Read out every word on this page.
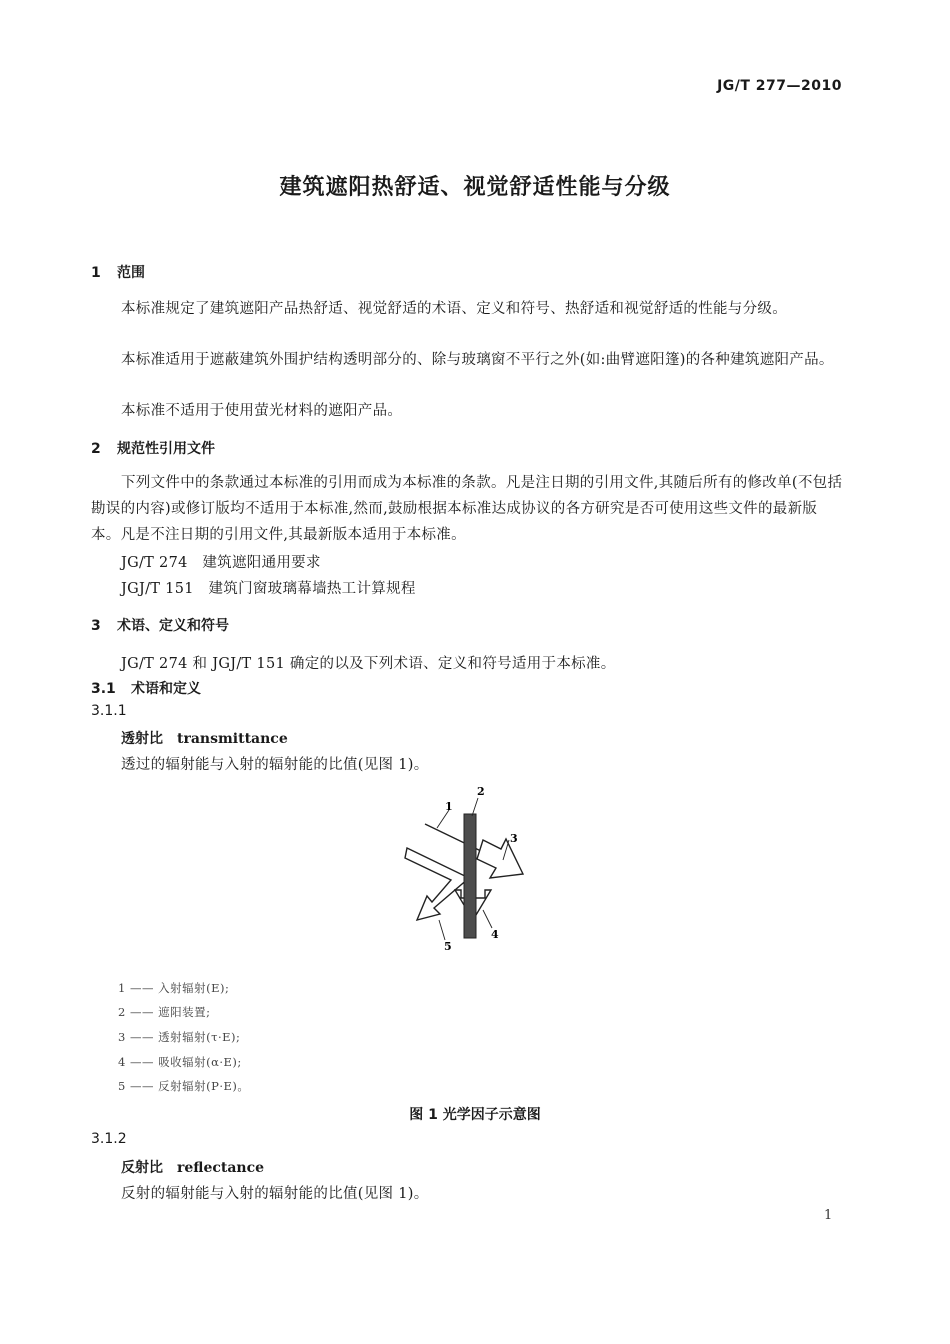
JG/T 277—2010
建筑遮阳热舒适、视觉舒适性能与分级
1 范围

本标准规定了建筑遮阳产品热舒适、视觉舒适的术语、定义和符号、热舒适和视觉舒适的性能与分级。

本标准适用于遮蔽建筑外围护结构透明部分的、除与玻璃窗不平行之外(如:曲臂遮阳篷)的各种建筑遮阳产品。

本标准不适用于使用萤光材料的遮阳产品。

2 规范性引用文件

下列文件中的条款通过本标准的引用而成为本标准的条款。凡是注日期的引用文件,其随后所有的修改单(不包括勘误的内容)或修订版均不适用于本标准,然而,鼓励根据本标准达成协议的各方研究是否可使用这些文件的最新版本。凡是不注日期的引用文件,其最新版本适用于本标准。

JG/T 274   建筑遮阳通用要求
JGJ/T 151   建筑门窗玻璃幕墙热工计算规程
3 术语、定义和符号
JG/T 274 和 JGJ/T 151 确定的以及下列术语、定义和符号适用于本标准。
3.1 术语和定义
3.1.1
透射比 transmittance
透过的辐射能与入射的辐射能的比值(见图 1)。
1
2
3
4
5
1 —— 入射辐射(E);
2 —— 遮阳装置;
3 —— 透射辐射(τ·E);
4 —— 吸收辐射(α·E);
5 —— 反射辐射(P·E)。
图 1 光学因子示意图
3.1.2
反射比 reflectance
反射的辐射能与入射的辐射能的比值(见图 1)。
1
